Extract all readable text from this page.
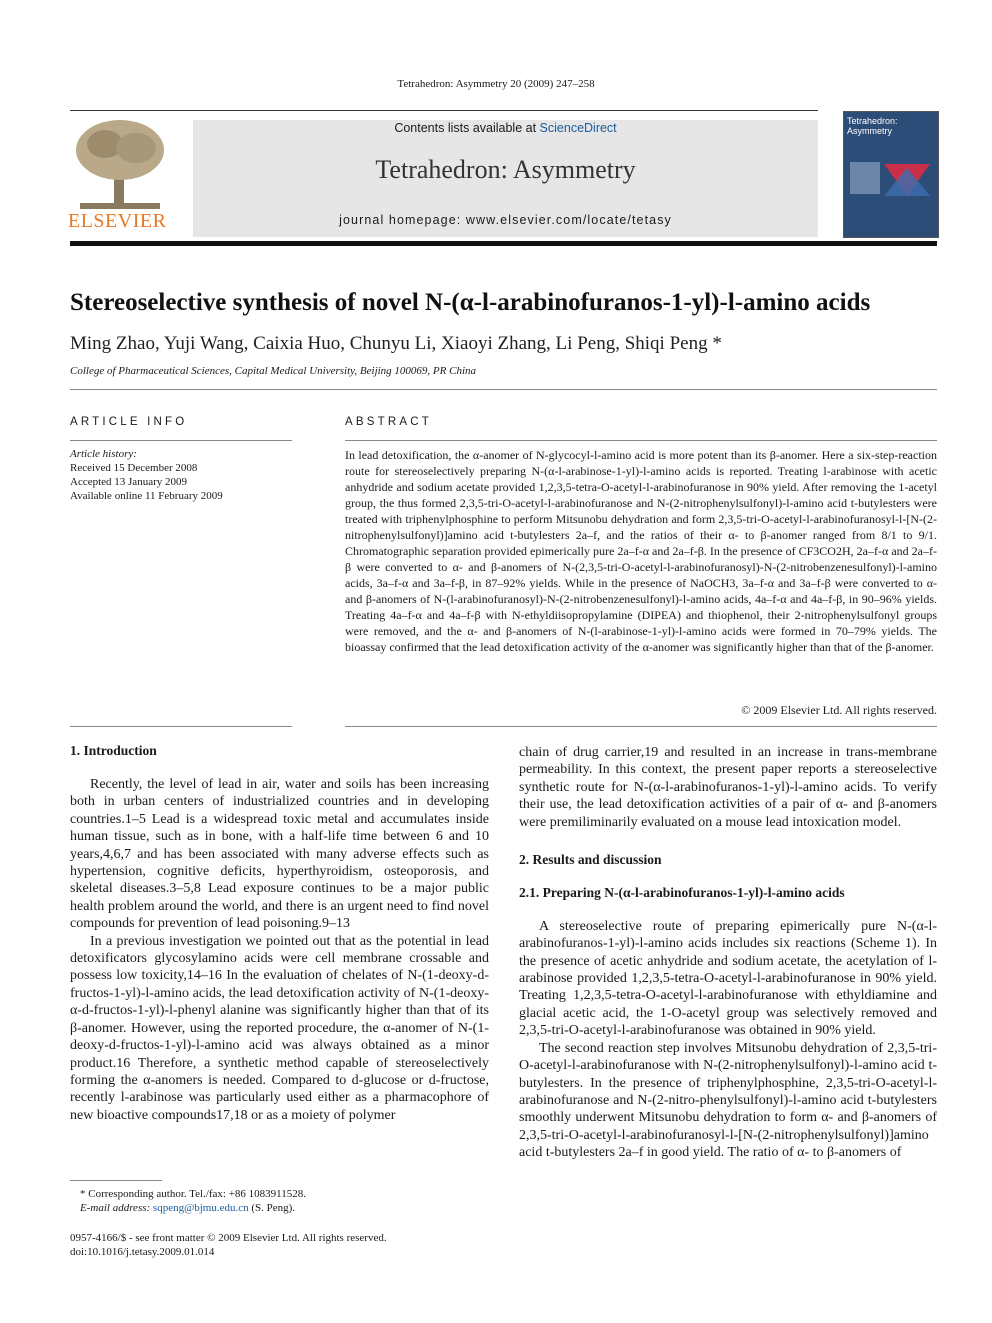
Tetrahedron: Asymmetry 20 (2009) 247–258
ELSEVIER
Contents lists available at ScienceDirect
Tetrahedron: Asymmetry
journal homepage: www.elsevier.com/locate/tetasy
Tetrahedron: Asymmetry
Stereoselective synthesis of novel N-(α-l-arabinofuranos-1-yl)-l-amino acids
Ming Zhao, Yuji Wang, Caixia Huo, Chunyu Li, Xiaoyi Zhang, Li Peng, Shiqi Peng *
College of Pharmaceutical Sciences, Capital Medical University, Beijing 100069, PR China
ARTICLE INFO
Article history:
Received 15 December 2008
Accepted 13 January 2009
Available online 11 February 2009
ABSTRACT
In lead detoxification, the α-anomer of N-glycocyl-l-amino acid is more potent than its β-anomer. Here a six-step-reaction route for stereoselectively preparing N-(α-l-arabinose-1-yl)-l-amino acids is reported. Treating l-arabinose with acetic anhydride and sodium acetate provided 1,2,3,5-tetra-O-acetyl-l-arabinofuranose in 90% yield. After removing the 1-acetyl group, the thus formed 2,3,5-tri-O-acetyl-l-arabinofuranose and N-(2-nitrophenylsulfonyl)-l-amino acid t-butylesters were treated with triphenylphosphine to perform Mitsunobu dehydration and form 2,3,5-tri-O-acetyl-l-arabinofuranosyl-l-[N-(2-nitrophenylsulfonyl)]amino acid t-butylesters 2a–f, and the ratios of their α- to β-anomer ranged from 8/1 to 9/1. Chromatographic separation provided epimerically pure 2a–f-α and 2a–f-β. In the presence of CF3CO2H, 2a–f-α and 2a–f-β were converted to α- and β-anomers of N-(2,3,5-tri-O-acetyl-l-arabinofuranosyl)-N-(2-nitrobenzenesulfonyl)-l-amino acids, 3a–f-α and 3a–f-β, in 87–92% yields. While in the presence of NaOCH3, 3a–f-α and 3a–f-β were converted to α- and β-anomers of N-(l-arabinofuranosyl)-N-(2-nitrobenzenesulfonyl)-l-amino acids, 4a–f-α and 4a–f-β, in 90–96% yields. Treating 4a–f-α and 4a–f-β with N-ethyldiisopropylamine (DIPEA) and thiophenol, their 2-nitrophenylsulfonyl groups were removed, and the α- and β-anomers of N-(l-arabinose-1-yl)-l-amino acids were formed in 70–79% yields. The bioassay confirmed that the lead detoxification activity of the α-anomer was significantly higher than that of the β-anomer.
© 2009 Elsevier Ltd. All rights reserved.
1. Introduction

Recently, the level of lead in air, water and soils has been increasing both in urban centers of industrialized countries and in developing countries.1–5 Lead is a widespread toxic metal and accumulates inside human tissue, such as in bone, with a half-life time between 6 and 10 years,4,6,7 and has been associated with many adverse effects such as hypertension, cognitive deficits, hyperthyroidism, osteoporosis, and skeletal diseases.3–5,8 Lead exposure continues to be a major public health problem around the world, and there is an urgent need to find novel compounds for prevention of lead poisoning.9–13

In a previous investigation we pointed out that as the potential in lead detoxificators glycosylamino acids were cell membrane crossable and possess low toxicity,14–16 In the evaluation of chelates of N-(1-deoxy-d-fructos-1-yl)-l-amino acids, the lead detoxification activity of N-(1-deoxy-α-d-fructos-1-yl)-l-phenyl alanine was significantly higher than that of its β-anomer. However, using the reported procedure, the α-anomer of N-(1-deoxy-d-fructos-1-yl)-l-amino acid was always obtained as a minor product.16 Therefore, a synthetic method capable of stereoselectively forming the α-anomers is needed. Compared to d-glucose or d-fructose, recently l-arabinose was particularly used either as a pharmacophore of new bioactive compounds17,18 or as a moiety of polymer

chain of drug carrier,19 and resulted in an increase in trans-membrane permeability. In this context, the present paper reports a stereoselective synthetic route for N-(α-l-arabinofuranos-1-yl)-l-amino acids. To verify their use, the lead detoxification activities of a pair of α- and β-anomers were premiliminarily evaluated on a mouse lead intoxication model.

2. Results and discussion
2.1. Preparing N-(α-l-arabinofuranos-1-yl)-l-amino acids

A stereoselective route of preparing epimerically pure N-(α-l-arabinofuranos-1-yl)-l-amino acids includes six reactions (Scheme 1). In the presence of acetic anhydride and sodium acetate, the acetylation of l-arabinose provided 1,2,3,5-tetra-O-acetyl-l-arabinofuranose in 90% yield. Treating 1,2,3,5-tetra-O-acetyl-l-arabinofuranose with ethyldiamine and glacial acetic acid, the 1-O-acetyl group was selectively removed and 2,3,5-tri-O-acetyl-l-arabinofuranose was obtained in 90% yield.

The second reaction step involves Mitsunobu dehydration of 2,3,5-tri-O-acetyl-l-arabinofuranose with N-(2-nitrophenylsulfonyl)-l-amino acid t-butylesters. In the presence of triphenylphosphine, 2,3,5-tri-O-acetyl-l-arabinofuranose and N-(2-nitro-phenylsulfonyl)-l-amino acid t-butylesters smoothly underwent Mitsunobu dehydration to form α- and β-anomers of 2,3,5-tri-O-acetyl-l-arabinofuranosyl-l-[N-(2-nitrophenylsulfonyl)]amino acid t-butylesters 2a–f in good yield. The ratio of α- to β-anomers of

* Corresponding author. Tel./fax: +86 1083911528.
E-mail address: sqpeng@bjmu.edu.cn (S. Peng).
0957-4166/$ - see front matter © 2009 Elsevier Ltd. All rights reserved.
doi:10.1016/j.tetasy.2009.01.014
